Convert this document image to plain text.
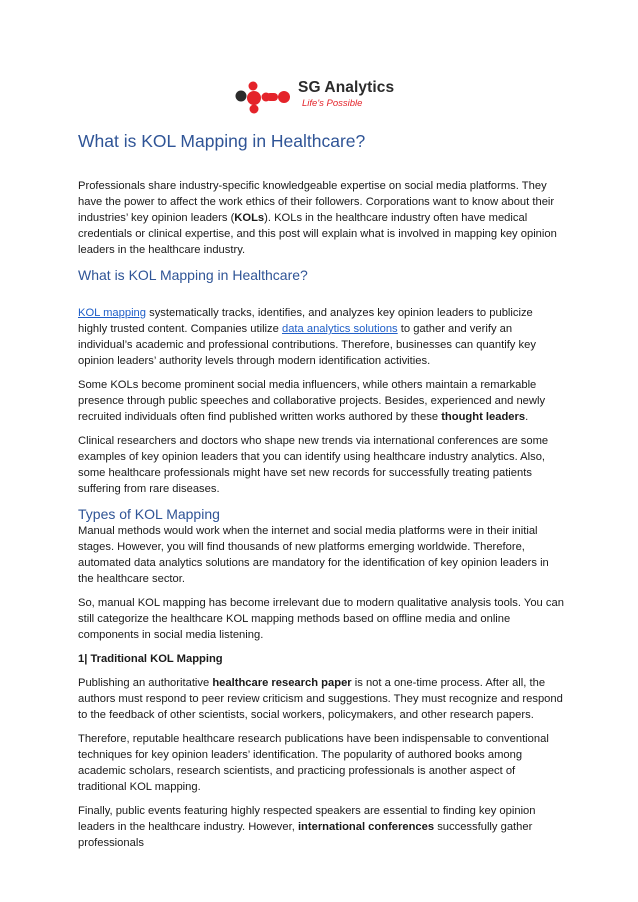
SG Analytics
Life's Possible
What is KOL Mapping in Healthcare?

Professionals share industry-specific knowledgeable expertise on social media platforms. They have the power to affect the work ethics of their followers. Corporations want to know about their industries’ key opinion leaders (KOLs). KOLs in the healthcare industry often have medical credentials or clinical expertise, and this post will explain what is involved in mapping key opinion leaders in the healthcare industry.

What is KOL Mapping in Healthcare?

KOL mapping systematically tracks, identifies, and analyzes key opinion leaders to publicize highly trusted content. Companies utilize data analytics solutions to gather and verify an individual’s academic and professional contributions. Therefore, businesses can quantify key opinion leaders’ authority levels through modern identification activities.

Some KOLs become prominent social media influencers, while others maintain a remarkable presence through public speeches and collaborative projects. Besides, experienced and newly recruited individuals often find published written works authored by these thought leaders.

Clinical researchers and doctors who shape new trends via international conferences are some examples of key opinion leaders that you can identify using healthcare industry analytics. Also, some healthcare professionals might have set new records for successfully treating patients suffering from rare diseases.

Types of KOL Mapping

Manual methods would work when the internet and social media platforms were in their initial stages. However, you will find thousands of new platforms emerging worldwide. Therefore, automated data analytics solutions are mandatory for the identification of key opinion leaders in the healthcare sector.

So, manual KOL mapping has become irrelevant due to modern qualitative analysis tools. You can still categorize the healthcare KOL mapping methods based on offline media and online components in social media listening.

1| Traditional KOL Mapping

Publishing an authoritative healthcare research paper is not a one-time process. After all, the authors must respond to peer review criticism and suggestions. They must recognize and respond to the feedback of other scientists, social workers, policymakers, and other research papers.

Therefore, reputable healthcare research publications have been indispensable to conventional techniques for key opinion leaders’ identification. The popularity of authored books among academic scholars, research scientists, and practicing professionals is another aspect of traditional KOL mapping.

Finally, public events featuring highly respected speakers are essential to finding key opinion leaders in the healthcare industry. However, international conferences successfully gather professionals
